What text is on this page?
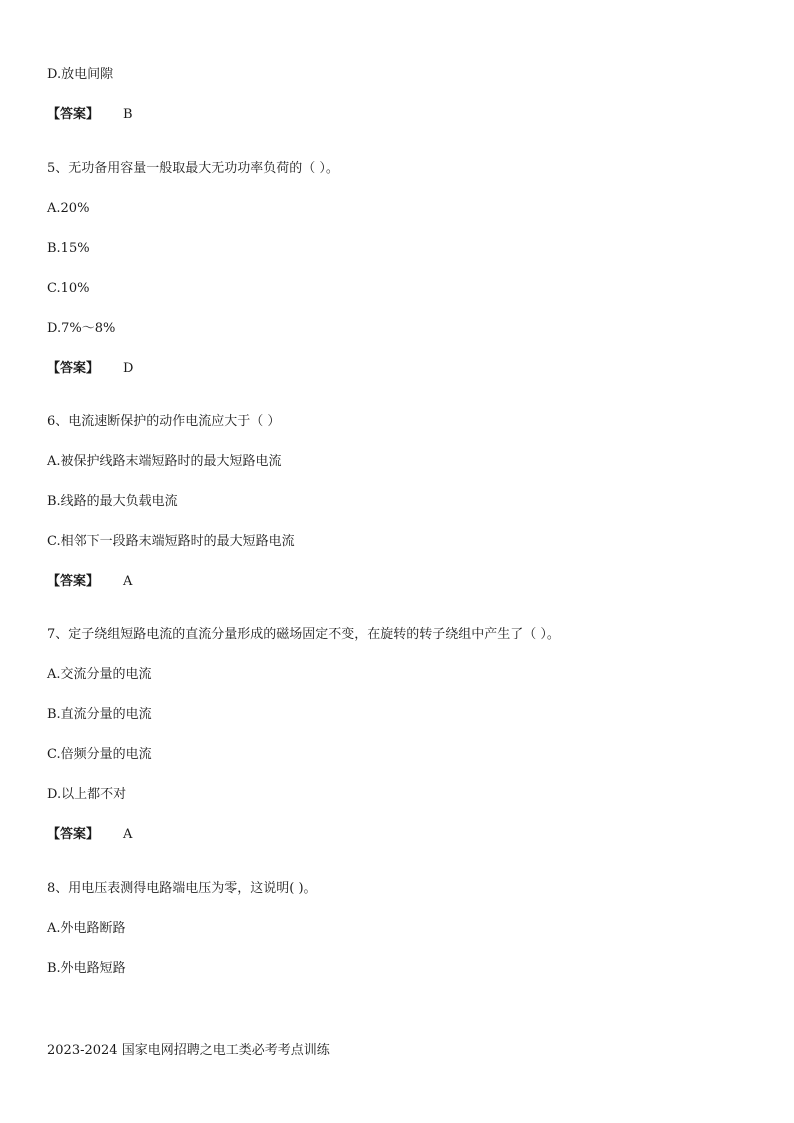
D.放电间隙
【答案】 B
5、无功备用容量一般取最大无功功率负荷的（ ）。
A.20%
B.15%
C.10%
D.7%～8%
【答案】 D
6、电流速断保护的动作电流应大于（ ）
A.被保护线路末端短路时的最大短路电流
B.线路的最大负载电流
C.相邻下一段路末端短路时的最大短路电流
【答案】 A
7、定子绕组短路电流的直流分量形成的磁场固定不变，在旋转的转子绕组中产生了（ ）。
A.交流分量的电流
B.直流分量的电流
C.倍频分量的电流
D.以上都不对
【答案】 A
8、用电压表测得电路端电压为零，这说明( )。
A.外电路断路
B.外电路短路
2023-2024 国家电网招聘之电工类必考考点训练
